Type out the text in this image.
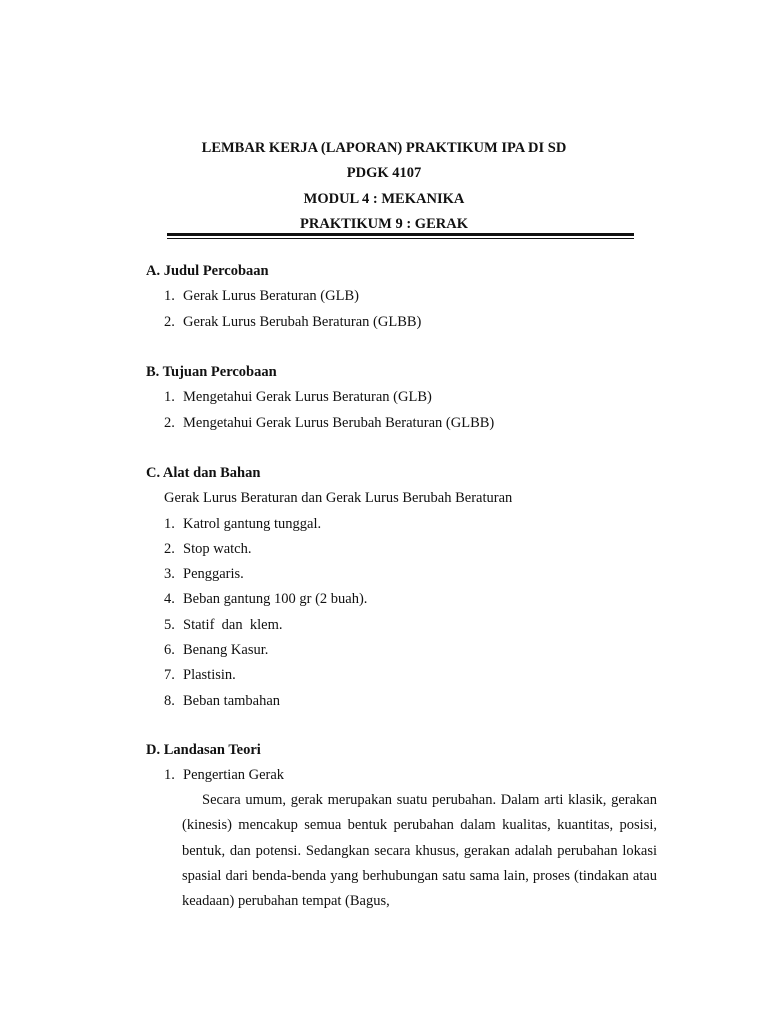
LEMBAR KERJA (LAPORAN) PRAKTIKUM IPA DI SD
PDGK 4107
MODUL 4 : MEKANIKA
PRAKTIKUM 9 : GERAK
A. Judul Percobaan
1. Gerak Lurus Beraturan (GLB)
2. Gerak Lurus Berubah Beraturan (GLBB)
B. Tujuan Percobaan
1. Mengetahui Gerak Lurus Beraturan (GLB)
2. Mengetahui Gerak Lurus Berubah Beraturan (GLBB)
C. Alat dan Bahan
Gerak Lurus Beraturan dan Gerak Lurus Berubah Beraturan
1. Katrol gantung tunggal.
2. Stop watch.
3. Penggaris.
4. Beban gantung 100 gr (2 buah).
5. Statif  dan  klem.
6. Benang Kasur.
7. Plastisin.
8. Beban tambahan
D. Landasan Teori
1. Pengertian Gerak

Secara umum, gerak merupakan suatu perubahan. Dalam arti klasik, gerakan (kinesis) mencakup semua bentuk perubahan dalam kualitas, kuantitas, posisi, bentuk, dan potensi. Sedangkan secara khusus, gerakan adalah perubahan lokasi spasial dari benda-benda yang berhubungan satu sama lain, proses (tindakan atau keadaan) perubahan tempat (Bagus,
